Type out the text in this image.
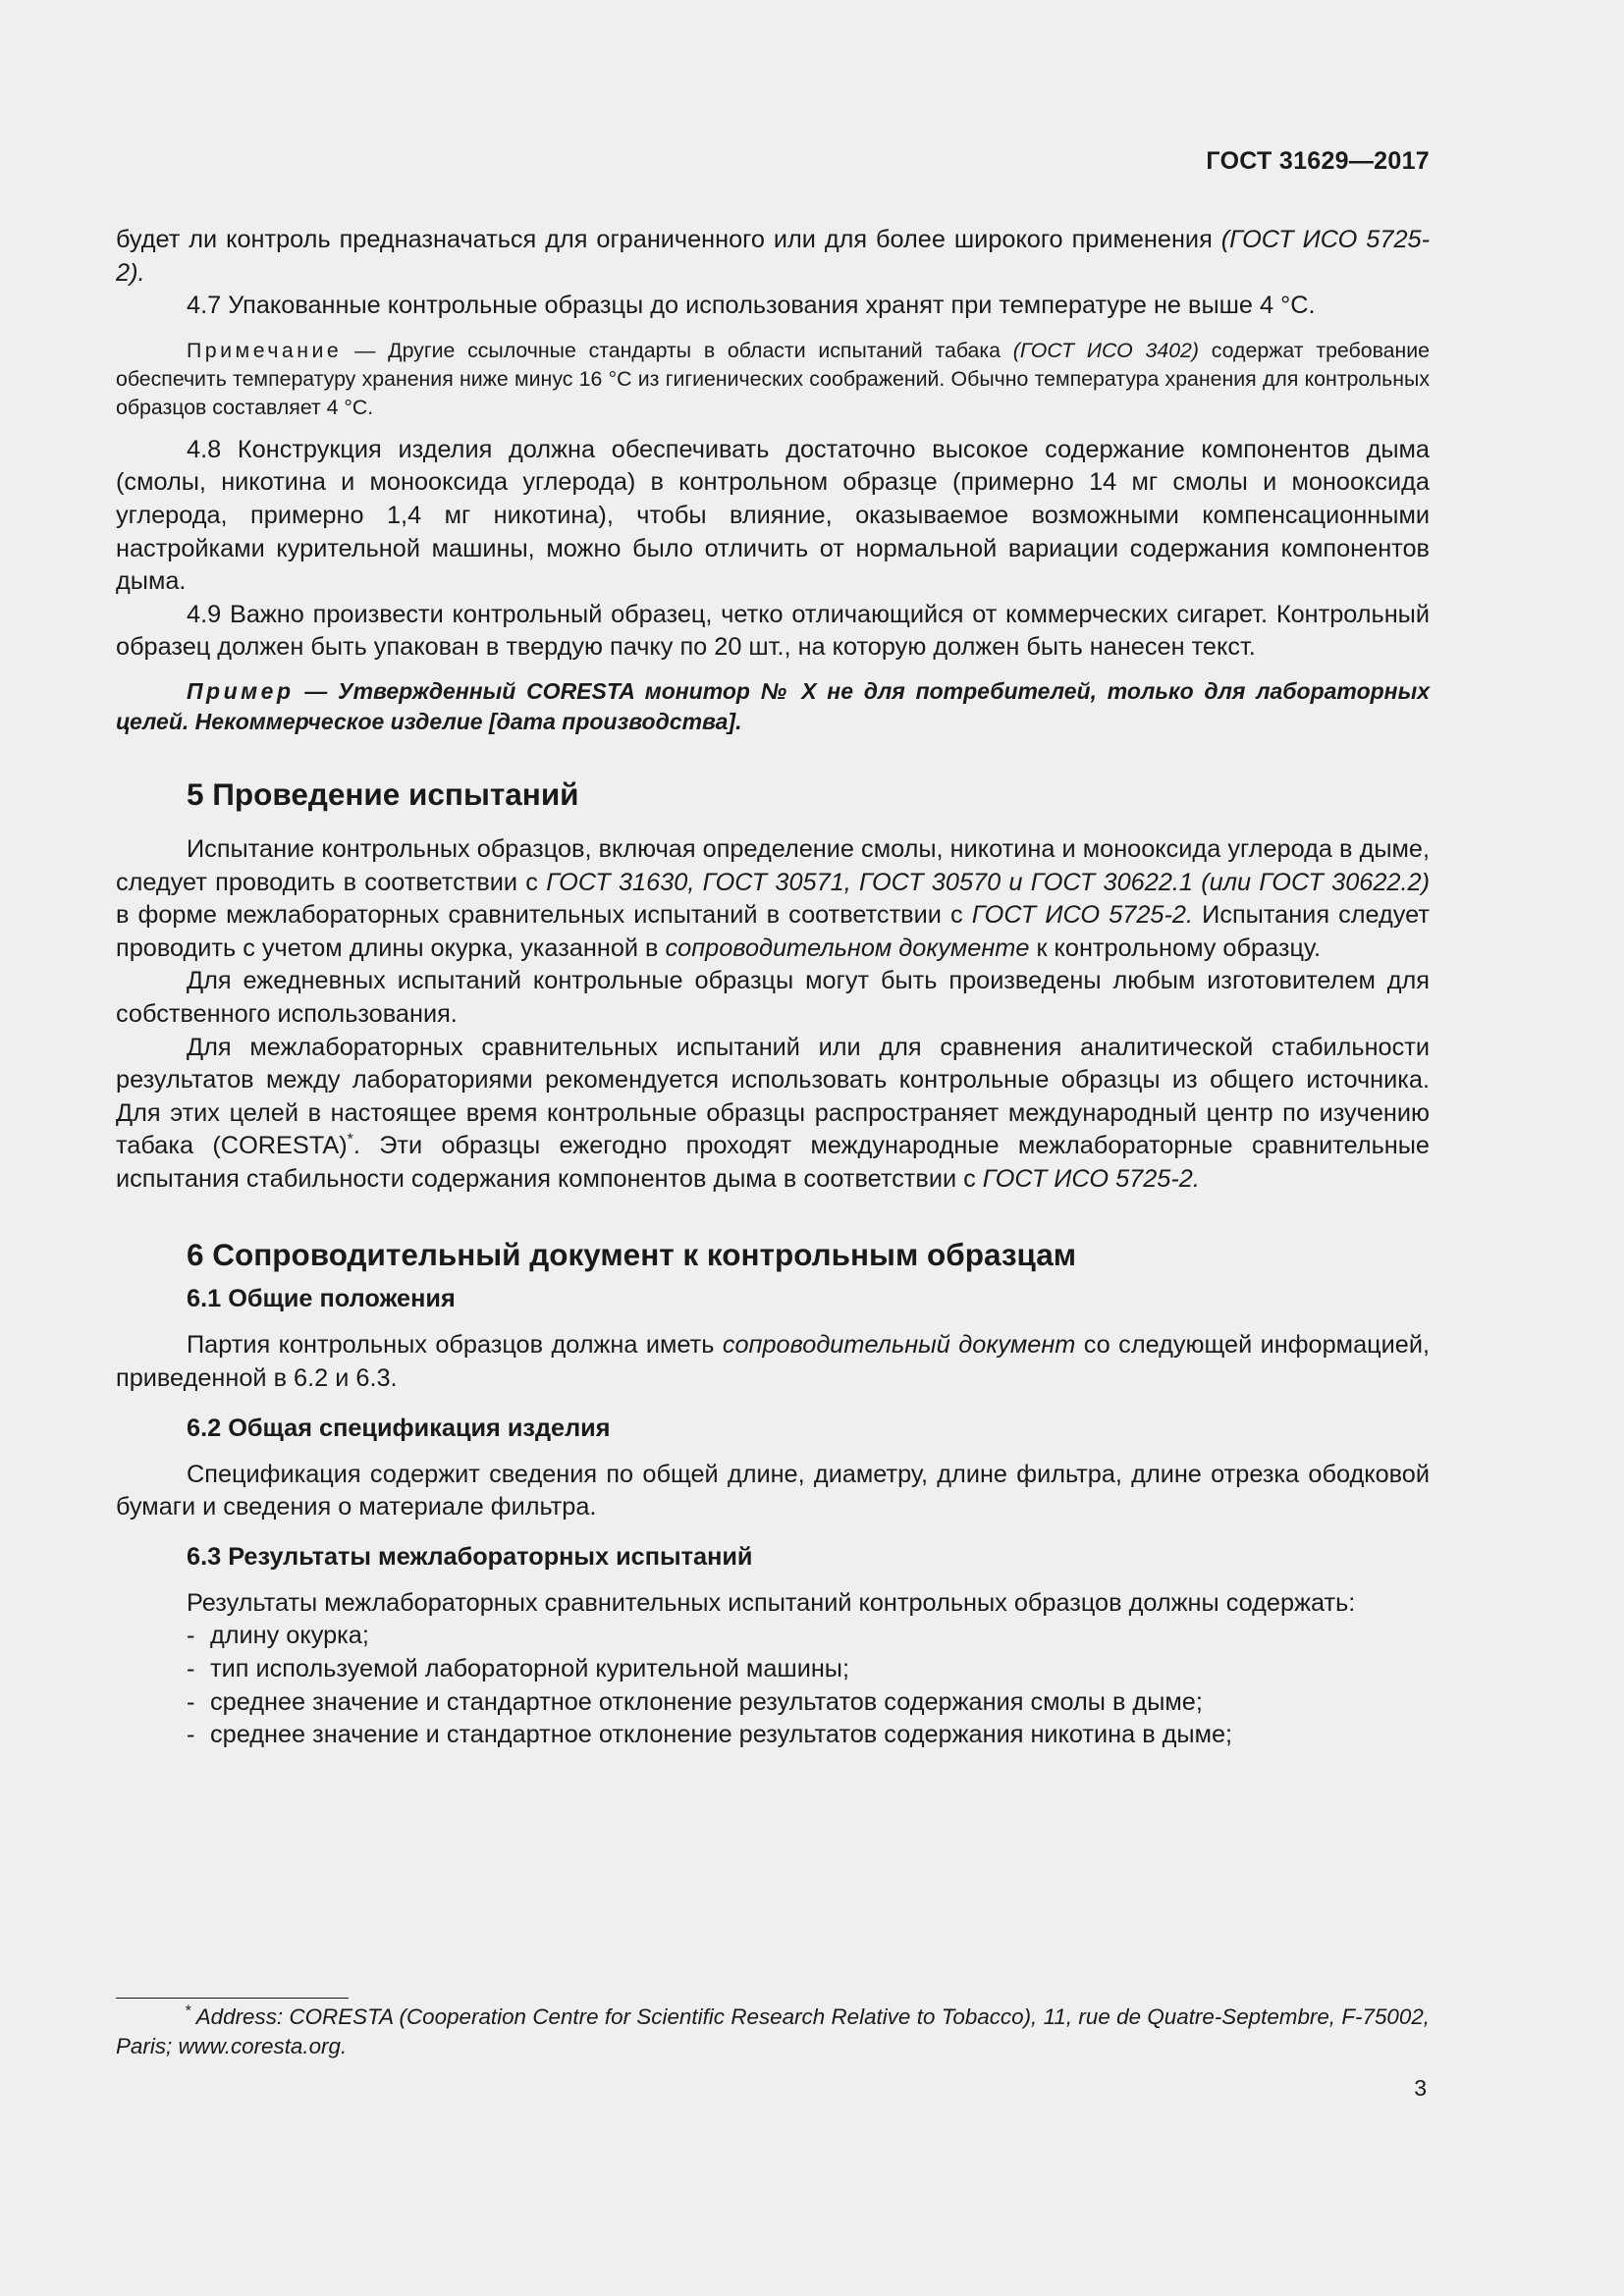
ГОСТ 31629—2017

будет ли контроль предназначаться для ограниченного или для более широкого применения (ГОСТ ИСО 5725-2).

4.7 Упакованные контрольные образцы до использования хранят при температуре не выше 4 °С.

Примечание — Другие ссылочные стандарты в области испытаний табака (ГОСТ ИСО 3402) содержат требование обеспечить температуру хранения ниже минус 16 °С из гигиенических соображений. Обычно температура хранения для контрольных образцов составляет 4 °С.

4.8 Конструкция изделия должна обеспечивать достаточно высокое содержание компонентов дыма (смолы, никотина и монооксида углерода) в контрольном образце (примерно 14 мг смолы и монооксида углерода, примерно 1,4 мг никотина), чтобы влияние, оказываемое возможными компенсационными настройками курительной машины, можно было отличить от нормальной вариации содержания компонентов дыма.

4.9 Важно произвести контрольный образец, четко отличающийся от коммерческих сигарет. Контрольный образец должен быть упакован в твердую пачку по 20 шт., на которую должен быть нанесен текст.

Пример — Утвержденный CORESTA монитор № X не для потребителей, только для лабораторных целей. Некоммерческое изделие [дата производства].

5 Проведение испытаний

Испытание контрольных образцов, включая определение смолы, никотина и монооксида углерода в дыме, следует проводить в соответствии с ГОСТ 31630, ГОСТ 30571, ГОСТ 30570 и ГОСТ 30622.1 (или ГОСТ 30622.2) в форме межлабораторных сравнительных испытаний в соответствии с ГОСТ ИСО 5725-2. Испытания следует проводить с учетом длины окурка, указанной в сопроводительном документе к контрольному образцу.

Для ежедневных испытаний контрольные образцы могут быть произведены любым изготовителем для собственного использования.

Для межлабораторных сравнительных испытаний или для сравнения аналитической стабильности результатов между лабораториями рекомендуется использовать контрольные образцы из общего источника. Для этих целей в настоящее время контрольные образцы распространяет международный центр по изучению табака (CORESTA)*. Эти образцы ежегодно проходят международные межлабораторные сравнительные испытания стабильности содержания компонентов дыма в соответствии с ГОСТ ИСО 5725-2.

6 Сопроводительный документ к контрольным образцам
6.1 Общие положения

Партия контрольных образцов должна иметь сопроводительный документ со следующей информацией, приведенной в 6.2 и 6.3.

6.2 Общая спецификация изделия

Спецификация содержит сведения по общей длине, диаметру, длине фильтра, длине отрезка ободковой бумаги и сведения о материале фильтра.

6.3 Результаты межлабораторных испытаний

Результаты межлабораторных сравнительных испытаний контрольных образцов должны содержать:

- длину окурка;
- тип используемой лабораторной курительной машины;
- среднее значение и стандартное отклонение результатов содержания смолы в дыме;
- среднее значение и стандартное отклонение результатов содержания никотина в дыме;

* Address: CORESTA (Cooperation Centre for Scientific Research Relative to Tobacco), 11, rue de Quatre-Septembre, F-75002, Paris; www.coresta.org.

3
